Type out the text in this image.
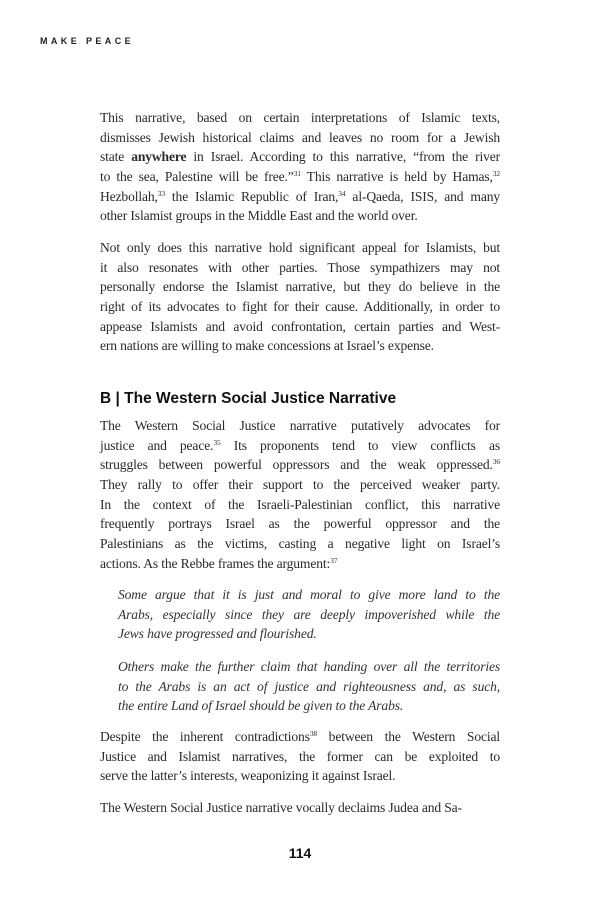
MAKE PEACE
This narrative, based on certain interpretations of Islamic texts,
dismisses Jewish historical claims and leaves no room for a Jewish
state anywhere in Israel. According to this narrative, “from the river
to the sea, Palestine will be free.”$^{31}$ This narrative is held by Hamas,$^{32}$
Hezbollah,$^{33}$ the Islamic Republic of Iran,$^{34}$ al-Qaeda, ISIS, and many
other Islamist groups in the Middle East and the world over.
Not only does this narrative hold significant appeal for Islamists, but
it also resonates with other parties. Those sympathizers may not
personally endorse the Islamist narrative, but they do believe in the
right of its advocates to fight for their cause. Additionally, in order to
appease Islamists and avoid confrontation, certain parties and West-
ern nations are willing to make concessions at Israel’s expense.
B | The Western Social Justice Narrative
The Western Social Justice narrative putatively advocates for
justice and peace.$^{35}$ Its proponents tend to view conflicts as
struggles between powerful oppressors and the weak oppressed.$^{36}$
They rally to offer their support to the perceived weaker party.
In the context of the Israeli-Palestinian conflict, this narrative
frequently portrays Israel as the powerful oppressor and the
Palestinians as the victims, casting a negative light on Israel’s
actions. As the Rebbe frames the argument:$^{37}$
Some argue that it is just and moral to give more land to the
Arabs, especially since they are deeply impoverished while the
Jews have progressed and flourished.
Others make the further claim that handing over all the territories
to the Arabs is an act of justice and righteousness and, as such,
the entire Land of Israel should be given to the Arabs.
Despite the inherent contradictions$^{38}$ between the Western Social
Justice and Islamist narratives, the former can be exploited to
serve the latter’s interests, weaponizing it against Israel.
The Western Social Justice narrative vocally declaims Judea and Sa-
114
